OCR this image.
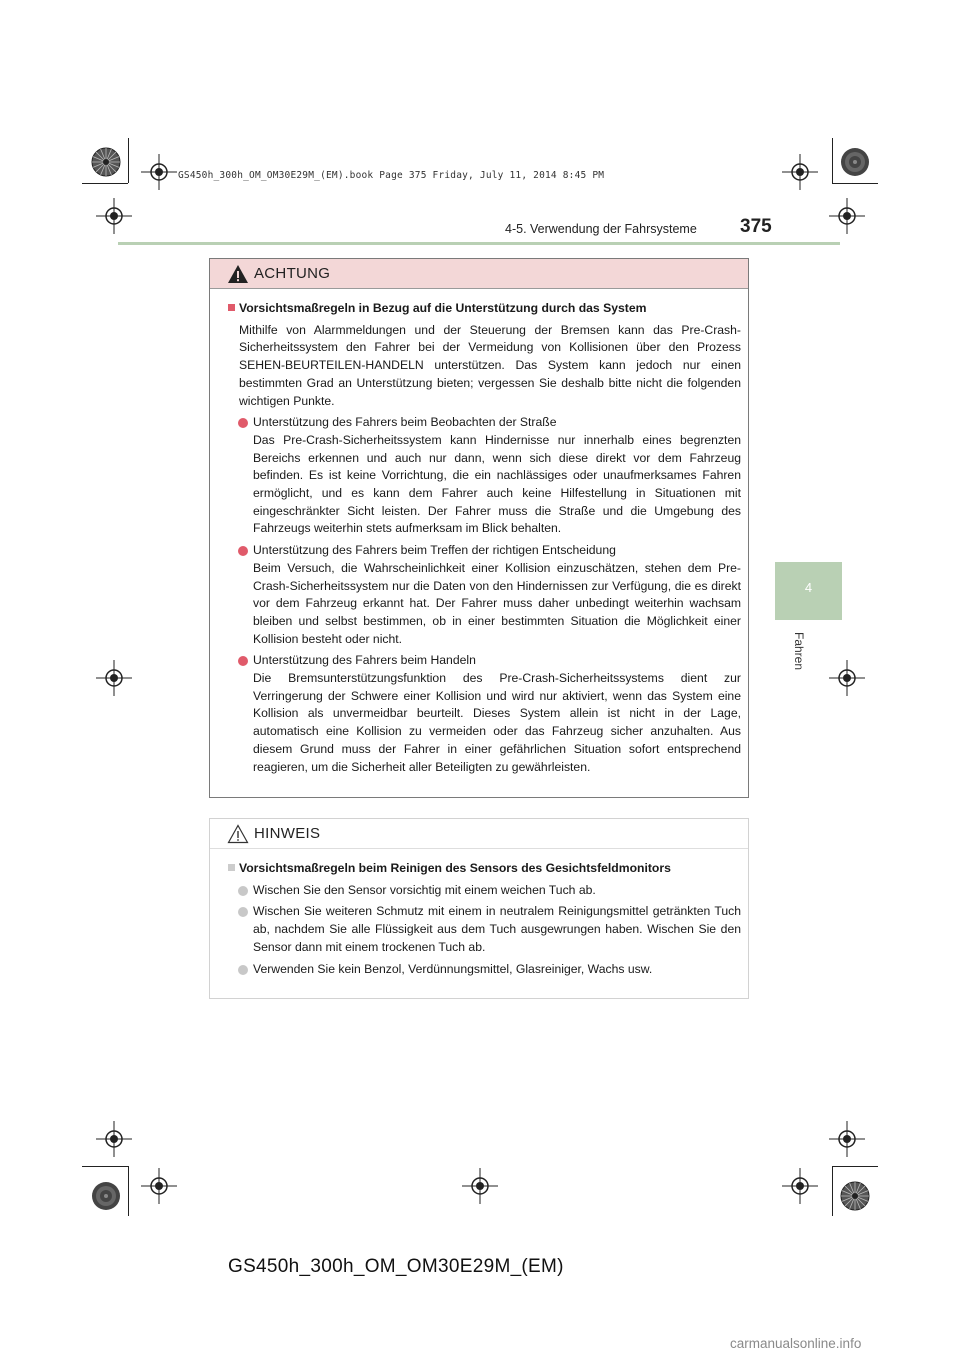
GS450h_300h_OM_OM30E29M_(EM).book Page 375 Friday, July 11, 2014 8:45 PM
4-5. Verwendung der Fahrsysteme 375
4
Fahren
ACHTUNG
Vorsichtsmaßregeln in Bezug auf die Unterstützung durch das System
Mithilfe von Alarmmeldungen und der Steuerung der Bremsen kann das Pre-Crash-Sicherheitssystem den Fahrer bei der Vermeidung von Kollisionen über den Prozess SEHEN-BEURTEILEN-HANDELN unterstützen. Das System kann jedoch nur einen bestimmten Grad an Unterstützung bieten; vergessen Sie deshalb bitte nicht die folgenden wichtigen Punkte.
Unterstützung des Fahrers beim Beobachten der Straße
Das Pre-Crash-Sicherheitssystem kann Hindernisse nur innerhalb eines begrenzten Bereichs erkennen und auch nur dann, wenn sich diese direkt vor dem Fahrzeug befinden. Es ist keine Vorrichtung, die ein nachlässiges oder unaufmerksames Fahren ermöglicht, und es kann dem Fahrer auch keine Hilfestellung in Situationen mit eingeschränkter Sicht leisten. Der Fahrer muss die Straße und die Umgebung des Fahrzeugs weiterhin stets aufmerksam im Blick behalten.
Unterstützung des Fahrers beim Treffen der richtigen Entscheidung
Beim Versuch, die Wahrscheinlichkeit einer Kollision einzuschätzen, stehen dem Pre-Crash-Sicherheitssystem nur die Daten von den Hindernissen zur Verfügung, die es direkt vor dem Fahrzeug erkannt hat. Der Fahrer muss daher unbedingt weiterhin wachsam bleiben und selbst bestimmen, ob in einer bestimmten Situation die Möglichkeit einer Kollision besteht oder nicht.
Unterstützung des Fahrers beim Handeln
Die Bremsunterstützungsfunktion des Pre-Crash-Sicherheitssystems dient zur Verringerung der Schwere einer Kollision und wird nur aktiviert, wenn das System eine Kollision als unvermeidbar beurteilt. Dieses System allein ist nicht in der Lage, automatisch eine Kollision zu vermeiden oder das Fahrzeug sicher anzuhalten. Aus diesem Grund muss der Fahrer in einer gefährlichen Situation sofort entsprechend reagieren, um die Sicherheit aller Beteiligten zu gewährleisten.
HINWEIS
Vorsichtsmaßregeln beim Reinigen des Sensors des Gesichtsfeldmonitors
Wischen Sie den Sensor vorsichtig mit einem weichen Tuch ab.
Wischen Sie weiteren Schmutz mit einem in neutralem Reinigungsmittel getränkten Tuch ab, nachdem Sie alle Flüssigkeit aus dem Tuch ausgewrungen haben. Wischen Sie den Sensor dann mit einem trockenen Tuch ab.
Verwenden Sie kein Benzol, Verdünnungsmittel, Glasreiniger, Wachs usw.
GS450h_300h_OM_OM30E29M_(EM)
carmanualsonline.info
